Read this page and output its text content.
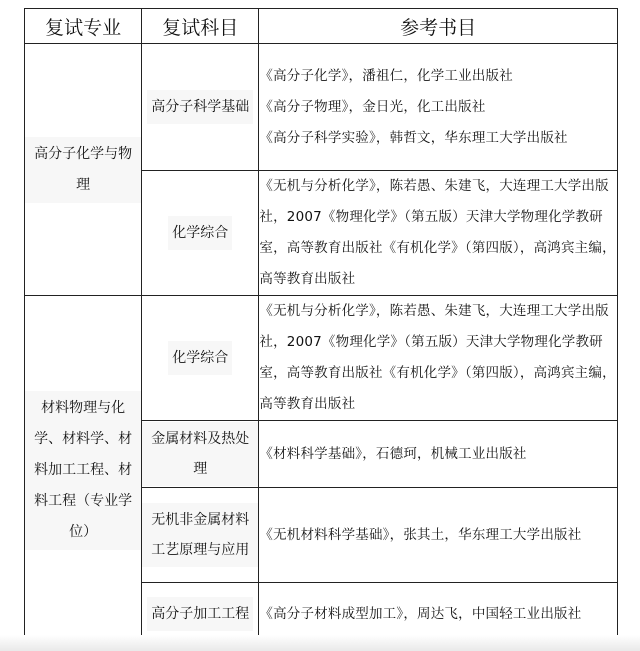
复试专业	复试科目	参考书目
高分子化学与物理	高分子科学基础	《高分子化学》，潘祖仁，化学工业出版社
《高分子物理》，金日光，化工出版社
《高分子科学实验》，韩哲文，华东理工大学出版社

	化学综合	《无机与分析化学》，陈若愚、朱建飞，大连理工大学出版社，2007《物理化学》（第五版）天津大学物理化学教研室，高等教育出版社《有机化学》（第四版），高鸿宾主编，高等教育出版社

材料物理与化学、材料学、材料加工工程、材料工程（专业学位）	化学综合	《无机与分析化学》，陈若愚、朱建飞，大连理工大学出版社，2007《物理化学》（第五版）天津大学物理化学教研室，高等教育出版社《有机化学》（第四版），高鸿宾主编，高等教育出版社

	金属材料及热处理	《材料科学基础》，石德珂，机械工业出版社

	无机非金属材料工艺原理与应用	《无机材料科学基础》，张其土，华东理工大学出版社

	高分子加工工程	《高分子材料成型加工》，周达飞，中国轻工业出版社
